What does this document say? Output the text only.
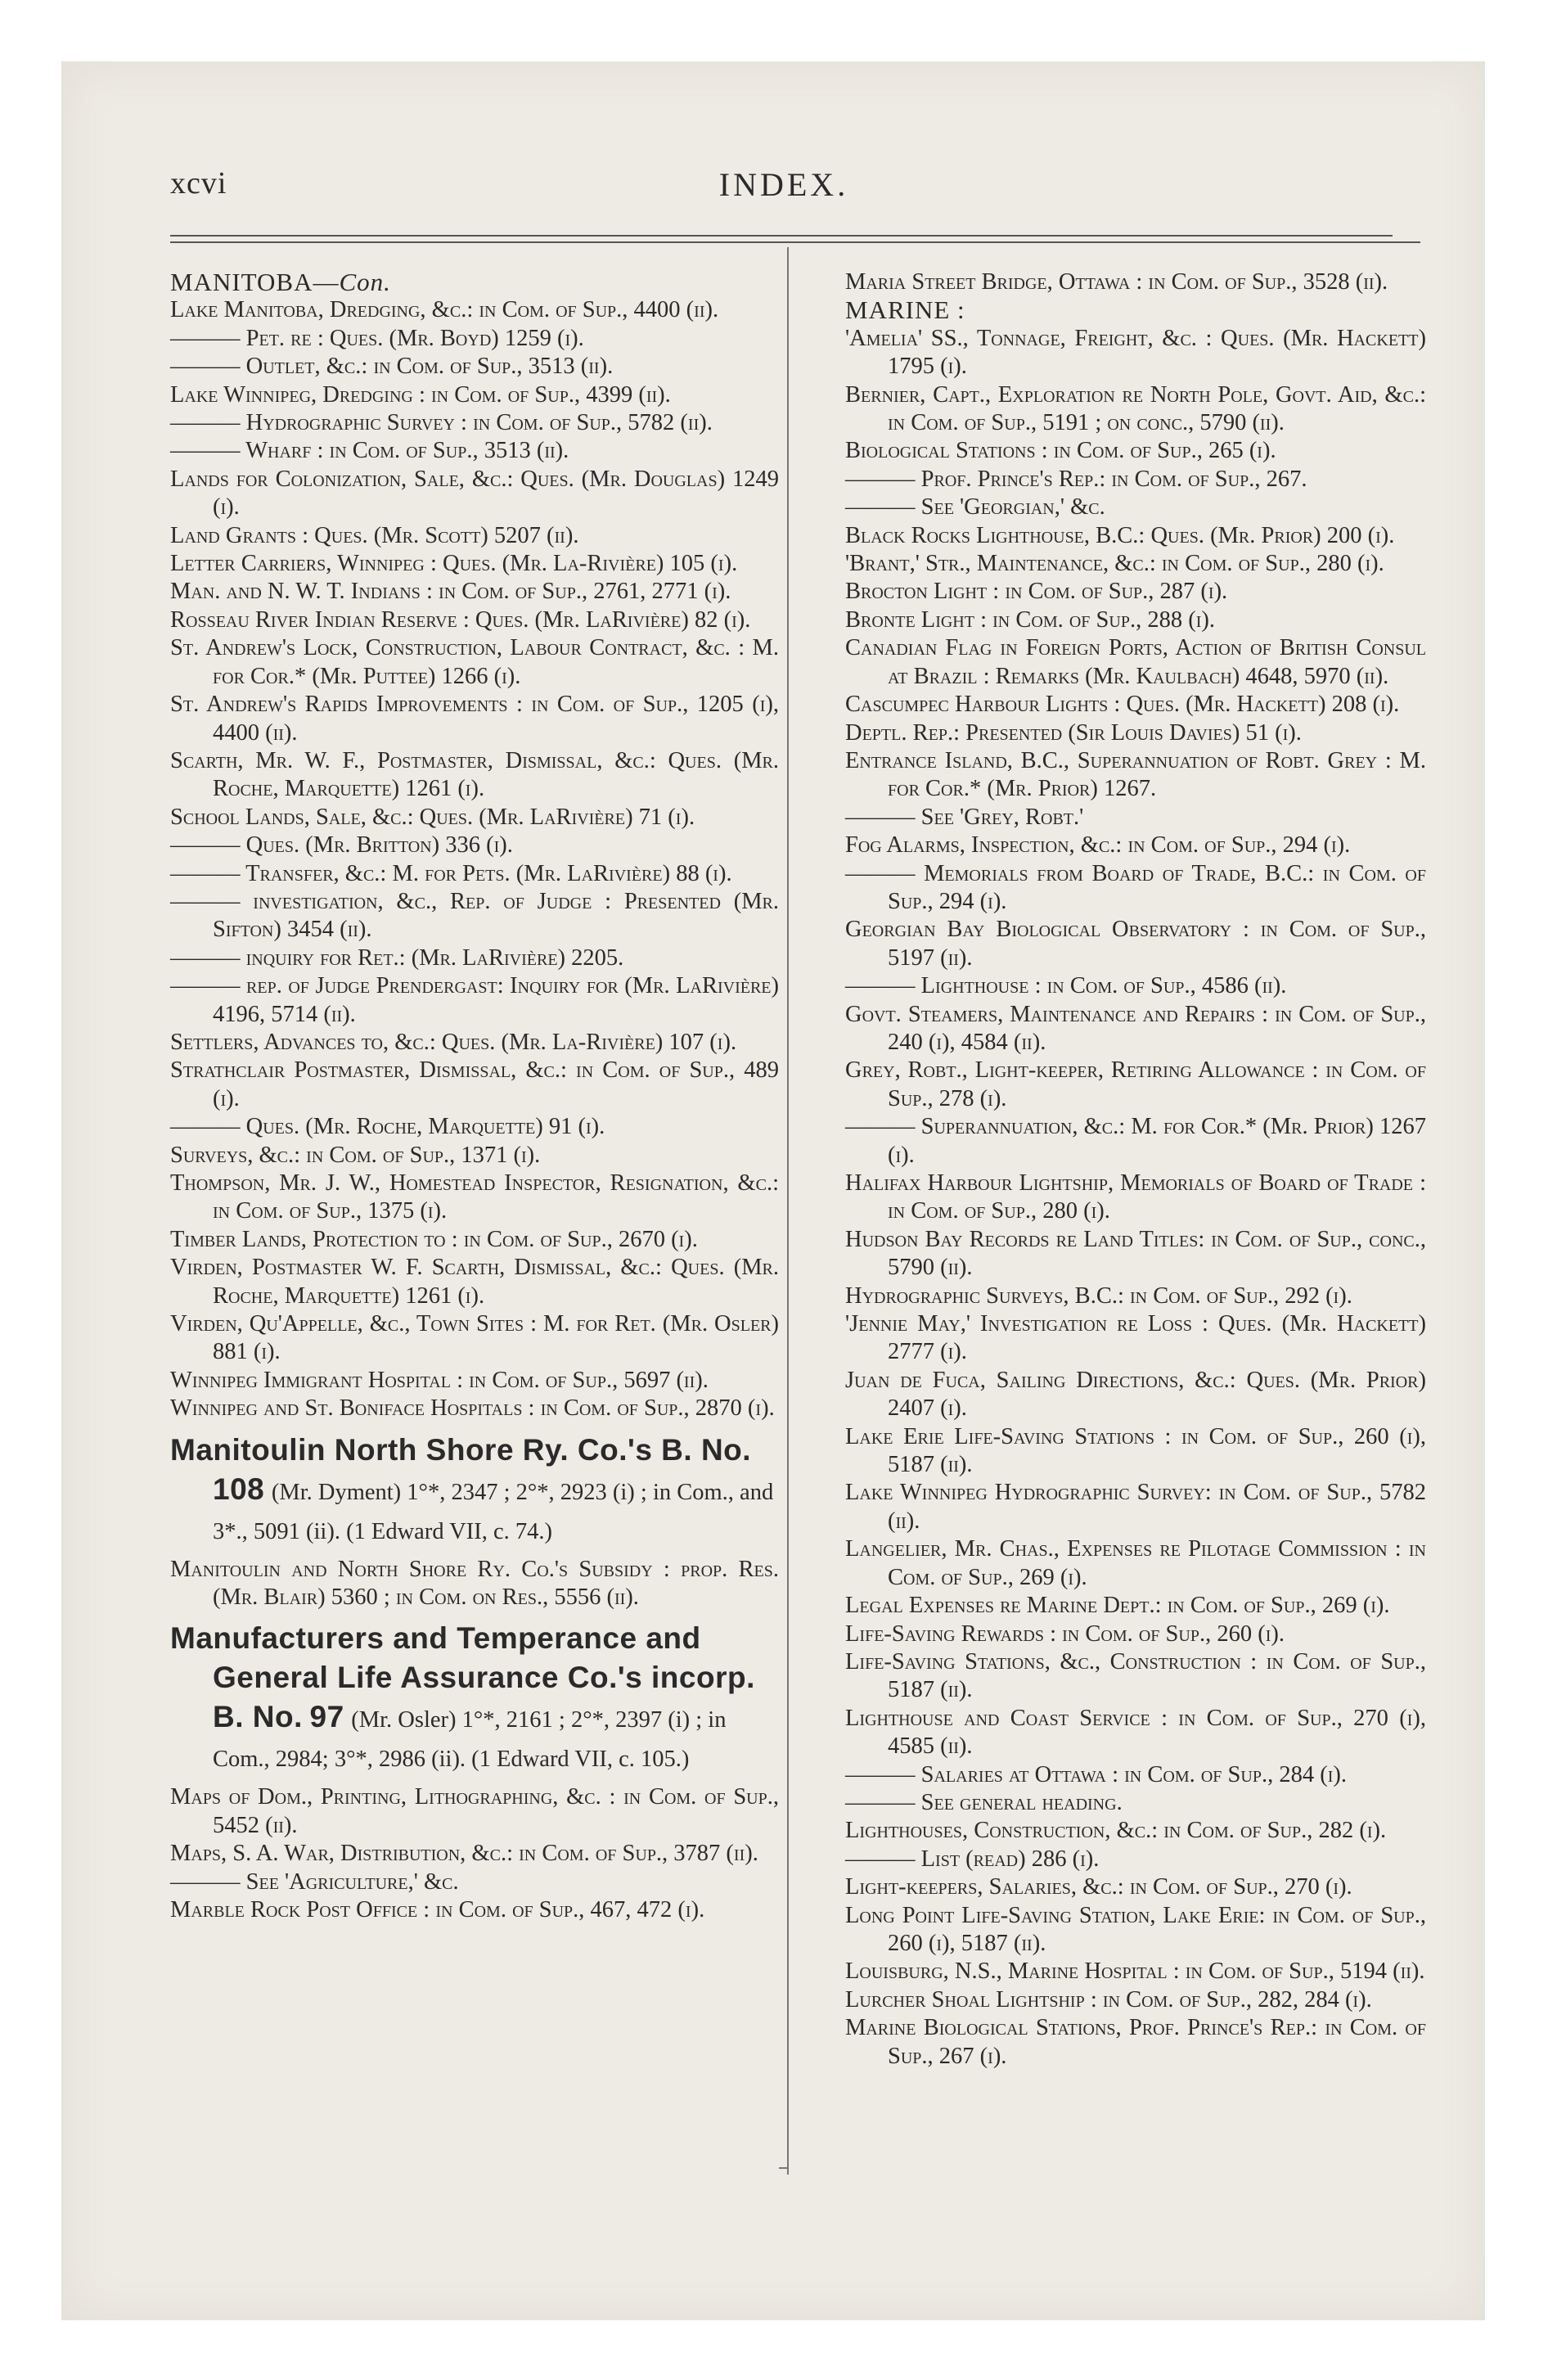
xcvi	INDEX.

MANITOBA—Con.

Lake Manitoba, Dredging, &c.: in Com. of Sup., 4400 (ii).

——— Pet. re : Ques. (Mr. Boyd) 1259 (i).

——— Outlet, &c.: in Com. of Sup., 3513 (ii).

Lake Winnipeg, Dredging : in Com. of Sup., 4399 (ii).

——— Hydrographic Survey : in Com. of Sup., 5782 (ii).

——— Wharf : in Com. of Sup., 3513 (ii).

Lands for Colonization, Sale, &c.: Ques. (Mr. Douglas) 1249 (i).

Land Grants : Ques. (Mr. Scott) 5207 (ii).

Letter Carriers, Winnipeg : Ques. (Mr. La-Rivière) 105 (i).

Man. and N. W. T. Indians : in Com. of Sup., 2761, 2771 (i).

Rosseau River Indian Reserve : Ques. (Mr. LaRivière) 82 (i).

St. Andrew's Lock, Construction, Labour Contract, &c. : M. for Cor.* (Mr. Puttee) 1266 (i).

St. Andrew's Rapids Improvements : in Com. of Sup., 1205 (i), 4400 (ii).

Scarth, Mr. W. F., Postmaster, Dismissal, &c.: Ques. (Mr. Roche, Marquette) 1261 (i).

School Lands, Sale, &c.: Ques. (Mr. LaRivière) 71 (i).

——— Ques. (Mr. Britton) 336 (i).

——— Transfer, &c.: M. for Pets. (Mr. LaRivière) 88 (i).

——— investigation, &c., Rep. of Judge : Presented (Mr. Sifton) 3454 (ii).

——— inquiry for Ret.: (Mr. LaRivière) 2205.

——— rep. of Judge Prendergast: Inquiry for (Mr. LaRivière) 4196, 5714 (ii).

Settlers, Advances to, &c.: Ques. (Mr. La-Rivière) 107 (i).

Strathclair Postmaster, Dismissal, &c.: in Com. of Sup., 489 (i).

——— Ques. (Mr. Roche, Marquette) 91 (i).

Surveys, &c.: in Com. of Sup., 1371 (i).

Thompson, Mr. J. W., Homestead Inspector, Resignation, &c.: in Com. of Sup., 1375 (i).

Timber Lands, Protection to : in Com. of Sup., 2670 (i).

Virden, Postmaster W. F. Scarth, Dismissal, &c.: Ques. (Mr. Roche, Marquette) 1261 (i).

Virden, Qu'Appelle, &c., Town Sites : M. for Ret. (Mr. Osler) 881 (i).

Winnipeg Immigrant Hospital : in Com. of Sup., 5697 (ii).

Winnipeg and St. Boniface Hospitals : in Com. of Sup., 2870 (i).

Manitoulin North Shore Ry. Co.'s B. No. 108 (Mr. Dyment) 1°*, 2347 ; 2°*, 2923 (i) ; in Com., and 3*., 5091 (ii). (1 Edward VII, c. 74.)

Manitoulin and North Shore Ry. Co.'s Subsidy : prop. Res. (Mr. Blair) 5360 ; in Com. on Res., 5556 (ii).

Manufacturers and Temperance and General Life Assurance Co.'s incorp. B. No. 97 (Mr. Osler) 1°*, 2161 ; 2°*, 2397 (i) ; in Com., 2984; 3°*, 2986 (ii). (1 Edward VII, c. 105.)

Maps of Dom., Printing, Lithographing, &c. : in Com. of Sup., 5452 (ii).

Maps, S. A. War, Distribution, &c.: in Com. of Sup., 3787 (ii).

——— See 'Agriculture,' &c.

Marble Rock Post Office : in Com. of Sup., 467, 472 (i).

Maria Street Bridge, Ottawa : in Com. of Sup., 3528 (ii).

MARINE :

'Amelia' SS., Tonnage, Freight, &c. : Ques. (Mr. Hackett) 1795 (i).

Bernier, Capt., Exploration re North Pole, Govt. Aid, &c.: in Com. of Sup., 5191 ; on conc., 5790 (ii).

Biological Stations : in Com. of Sup., 265 (i).

——— Prof. Prince's Rep.: in Com. of Sup., 267.

——— See 'Georgian,' &c.

Black Rocks Lighthouse, B.C.: Ques. (Mr. Prior) 200 (i).

'Brant,' Str., Maintenance, &c.: in Com. of Sup., 280 (i).

Brocton Light : in Com. of Sup., 287 (i).

Bronte Light : in Com. of Sup., 288 (i).

Canadian Flag in Foreign Ports, Action of British Consul at Brazil : Remarks (Mr. Kaulbach) 4648, 5970 (ii).

Cascumpec Harbour Lights : Ques. (Mr. Hackett) 208 (i).

Deptl. Rep.: Presented (Sir Louis Davies) 51 (i).

Entrance Island, B.C., Superannuation of Robt. Grey : M. for Cor.* (Mr. Prior) 1267.

——— See 'Grey, Robt.'

Fog Alarms, Inspection, &c.: in Com. of Sup., 294 (i).

——— Memorials from Board of Trade, B.C.: in Com. of Sup., 294 (i).

Georgian Bay Biological Observatory : in Com. of Sup., 5197 (ii).

——— Lighthouse : in Com. of Sup., 4586 (ii).

Govt. Steamers, Maintenance and Repairs : in Com. of Sup., 240 (i), 4584 (ii).

Grey, Robt., Light-keeper, Retiring Allowance : in Com. of Sup., 278 (i).

——— Superannuation, &c.: M. for Cor.* (Mr. Prior) 1267 (i).

Halifax Harbour Lightship, Memorials of Board of Trade : in Com. of Sup., 280 (i).

Hudson Bay Records re Land Titles: in Com. of Sup., conc., 5790 (ii).

Hydrographic Surveys, B.C.: in Com. of Sup., 292 (i).

'Jennie May,' Investigation re Loss : Ques. (Mr. Hackett) 2777 (i).

Juan de Fuca, Sailing Directions, &c.: Ques. (Mr. Prior) 2407 (i).

Lake Erie Life-Saving Stations : in Com. of Sup., 260 (i), 5187 (ii).

Lake Winnipeg Hydrographic Survey: in Com. of Sup., 5782 (ii).

Langelier, Mr. Chas., Expenses re Pilotage Commission : in Com. of Sup., 269 (i).

Legal Expenses re Marine Dept.: in Com. of Sup., 269 (i).

Life-Saving Rewards : in Com. of Sup., 260 (i).

Life-Saving Stations, &c., Construction : in Com. of Sup., 5187 (ii).

Lighthouse and Coast Service : in Com. of Sup., 270 (i), 4585 (ii).

——— Salaries at Ottawa : in Com. of Sup., 284 (i).

——— See general heading.

Lighthouses, Construction, &c.: in Com. of Sup., 282 (i).

——— List (read) 286 (i).

Light-keepers, Salaries, &c.: in Com. of Sup., 270 (i).

Long Point Life-Saving Station, Lake Erie: in Com. of Sup., 260 (i), 5187 (ii).

Louisburg, N.S., Marine Hospital : in Com. of Sup., 5194 (ii).

Lurcher Shoal Lightship : in Com. of Sup., 282, 284 (i).

Marine Biological Stations, Prof. Prince's Rep.: in Com. of Sup., 267 (i).
